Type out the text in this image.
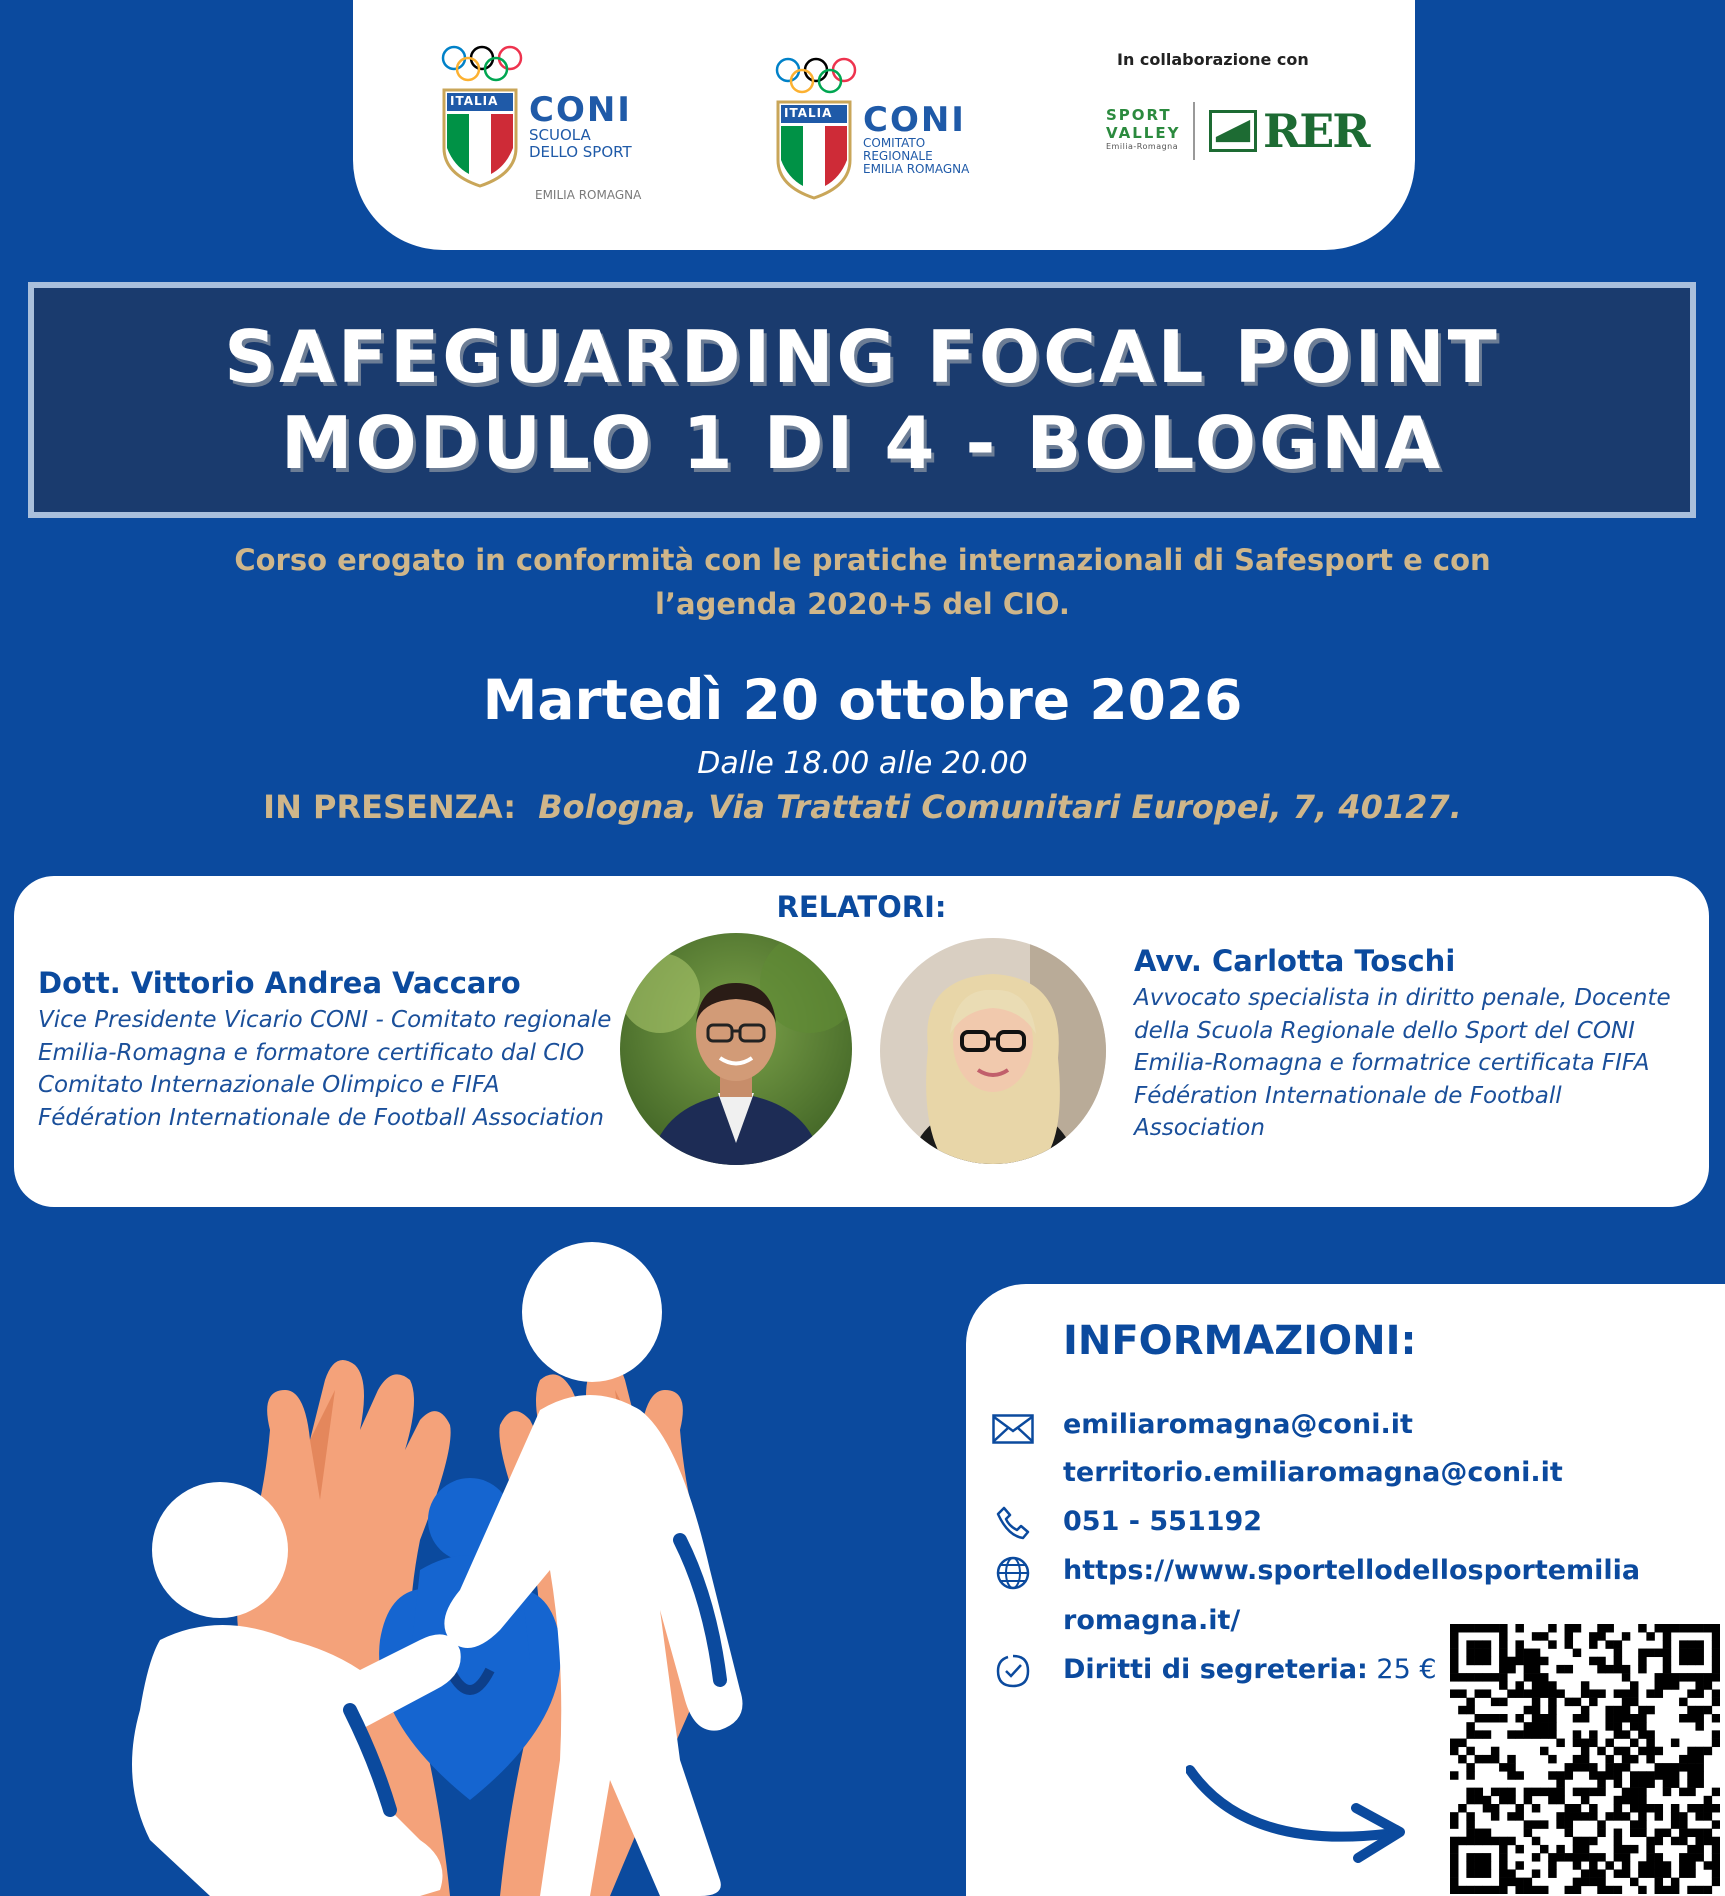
ITALIA CONI
SCUOLA
DELLO SPORT
EMILIA ROMAGNA
ITALIA CONI
COMITATO
REGIONALE
EMILIA ROMAGNA
In collaborazione con
SPORT
VALLEY
Emilia-Romagna RER
SAFEGUARDING FOCAL POINT
MODULO 1 DI 4 - BOLOGNA
Corso erogato in conformità con le pratiche internazionali di Safesport e con
l’agenda 2020+5 del CIO.
Martedì 20 ottobre 2026
Dalle 18.00 alle 20.00
IN PRESENZA: Bologna, Via Trattati Comunitari Europei, 7, 40127.
RELATORI:
Dott. Vittorio Andrea Vaccaro
Vice Presidente Vicario CONI - Comitato regionale
Emilia-Romagna e formatore certificato dal CIO
Comitato Internazionale Olimpico e FIFA
Fédération Internationale de Football Association
Avv. Carlotta Toschi
Avvocato specialista in diritto penale, Docente
della Scuola Regionale dello Sport del CONI
Emilia-Romagna e formatrice certificata FIFA
Fédération Internationale de Football
Association
INFORMAZIONI:
emiliaromagna@coni.it
territorio.emiliaromagna@coni.it
051 - 551192
https://www.sportellodellosportemilia
romagna.it/
Diritti di segreteria: 25 €
